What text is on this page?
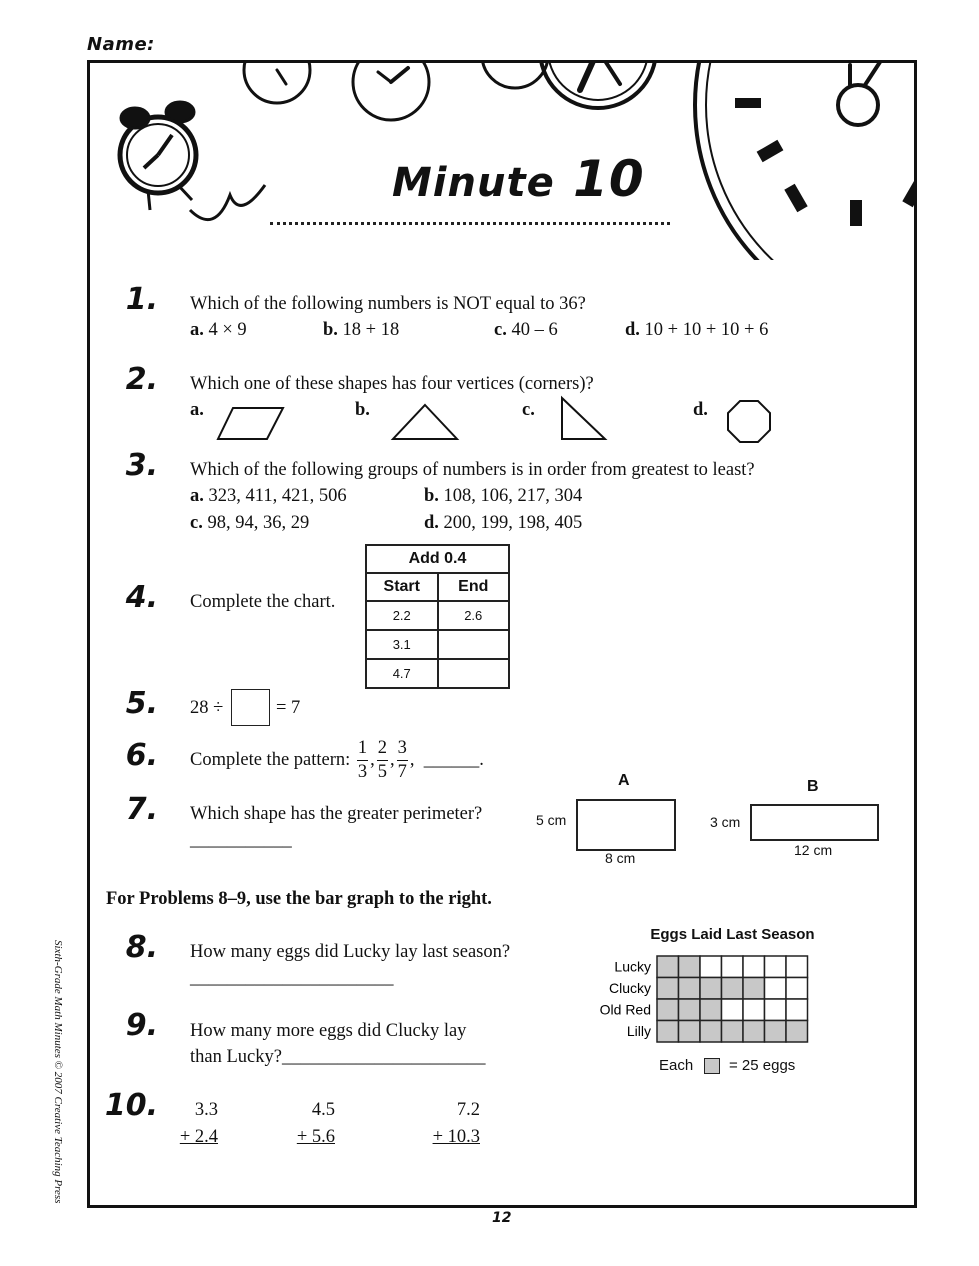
Name:
Minute 10
1. Which of the following numbers is NOT equal to 36?
a. 4 × 9	b. 18 + 18	c. 40 – 6	d. 10 + 10 + 10 + 6
2. Which one of these shapes has four vertices (corners)?
a.	b.	c.	d.
3. Which of the following groups of numbers is in order from greatest to least?
a. 323, 411, 421, 506	b. 108, 106, 217, 304
c. 98, 94, 36, 29	d. 200, 199, 198, 405
4. Complete the chart.
Add 0.4	
Start	End
2.2	2.6
3.1	
4.7	
5. 28 ÷	= 7
6. Complete the pattern:
$\frac{1}{3}$ , $\frac{2}{5}$ , $\frac{3}{7}$ , ______.
7. Which shape has the greater perimeter?
___________
A
5 cm
8 cm
B
3 cm
12 cm
For Problems 8–9, use the bar graph to the right.
8. How many eggs did Lucky lay last season?
______________________
9. How many more eggs did Clucky lay
than Lucky?______________________
10.	3.3
+ 2.4
4.5
+ 5.6
7.2
+ 10.3
Eggs Laid Last Season
Lucky
Clucky
Old Red
Lilly
Each = 25 eggs
12
Sixth-Grade Math Minutes © 2007 Creative Teaching Press
